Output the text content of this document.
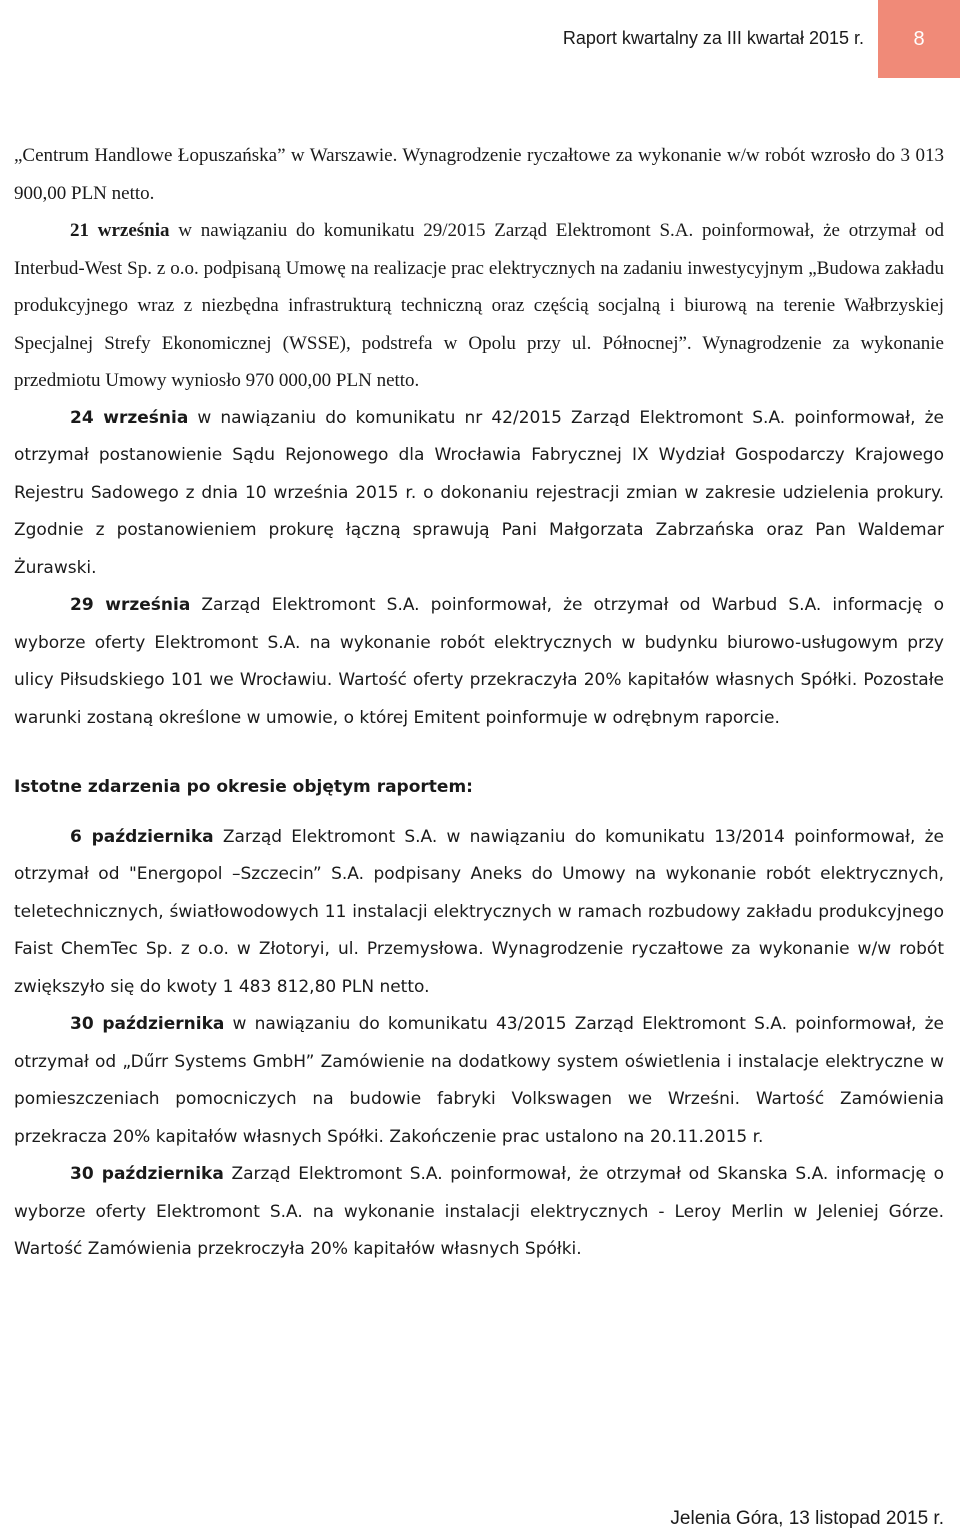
Raport kwartalny za III kwartał 2015 r. 8

„Centrum Handlowe Łopuszańska” w Warszawie. Wynagrodzenie ryczałtowe za wykonanie w/w robót wzrosło do 3 013 900,00 PLN netto.

21 września w nawiązaniu do komunikatu 29/2015 Zarząd Elektromont S.A. poinformował, że otrzymał od Interbud-West Sp. z o.o. podpisaną Umowę na realizacje prac elektrycznych na zadaniu inwestycyjnym „Budowa zakładu produkcyjnego wraz z niezbędna infrastrukturą techniczną oraz częścią socjalną i biurową na terenie Wałbrzyskiej Specjalnej Strefy Ekonomicznej (WSSE), podstrefa w Opolu przy ul. Północnej”. Wynagrodzenie za wykonanie przedmiotu Umowy wyniosło 970 000,00 PLN netto.

24 września w nawiązaniu do komunikatu nr 42/2015 Zarząd Elektromont S.A. poinformował, że otrzymał postanowienie Sądu Rejonowego dla Wrocławia Fabrycznej IX Wydział Gospodarczy Krajowego Rejestru Sadowego z dnia 10 września 2015 r. o dokonaniu rejestracji zmian w zakresie udzielenia prokury. Zgodnie z postanowieniem prokurę łączną sprawują Pani Małgorzata Zabrzańska oraz Pan Waldemar Żurawski.

29 września Zarząd Elektromont S.A. poinformował, że otrzymał od Warbud S.A. informację o wyborze oferty Elektromont S.A. na wykonanie robót elektrycznych w budynku biurowo-usługowym przy ulicy Piłsudskiego 101 we Wrocławiu. Wartość oferty przekraczyła 20% kapitałów własnych Spółki. Pozostałe warunki zostaną określone w umowie, o której Emitent poinformuje w odrębnym raporcie.

Istotne zdarzenia po okresie objętym raportem:

6 października Zarząd Elektromont S.A. w nawiązaniu do komunikatu 13/2014 poinformował, że otrzymał od "Energopol –Szczecin” S.A. podpisany Aneks do Umowy na wykonanie robót elektrycznych, teletechnicznych, światłowodowych 11 instalacji elektrycznych w ramach rozbudowy zakładu produkcyjnego Faist ChemTec Sp. z o.o. w Złotoryi, ul. Przemysłowa. Wynagrodzenie ryczałtowe za wykonanie w/w robót zwiększyło się do kwoty 1 483 812,80 PLN netto.

30 października w nawiązaniu do komunikatu 43/2015 Zarząd Elektromont S.A. poinformował, że otrzymał od „Dűrr Systems GmbH” Zamówienie na dodatkowy system oświetlenia i instalacje elektryczne w pomieszczeniach pomocniczych na budowie fabryki Volkswagen we Wrześni. Wartość Zamówienia przekracza 20% kapitałów własnych Spółki. Zakończenie prac ustalono na 20.11.2015 r.

30 października Zarząd Elektromont S.A. poinformował, że otrzymał od Skanska S.A. informację o wyborze oferty Elektromont S.A. na wykonanie instalacji elektrycznych - Leroy Merlin w Jeleniej Górze. Wartość Zamówienia przekroczyła 20% kapitałów własnych Spółki.

Jelenia Góra, 13 listopad 2015 r.
